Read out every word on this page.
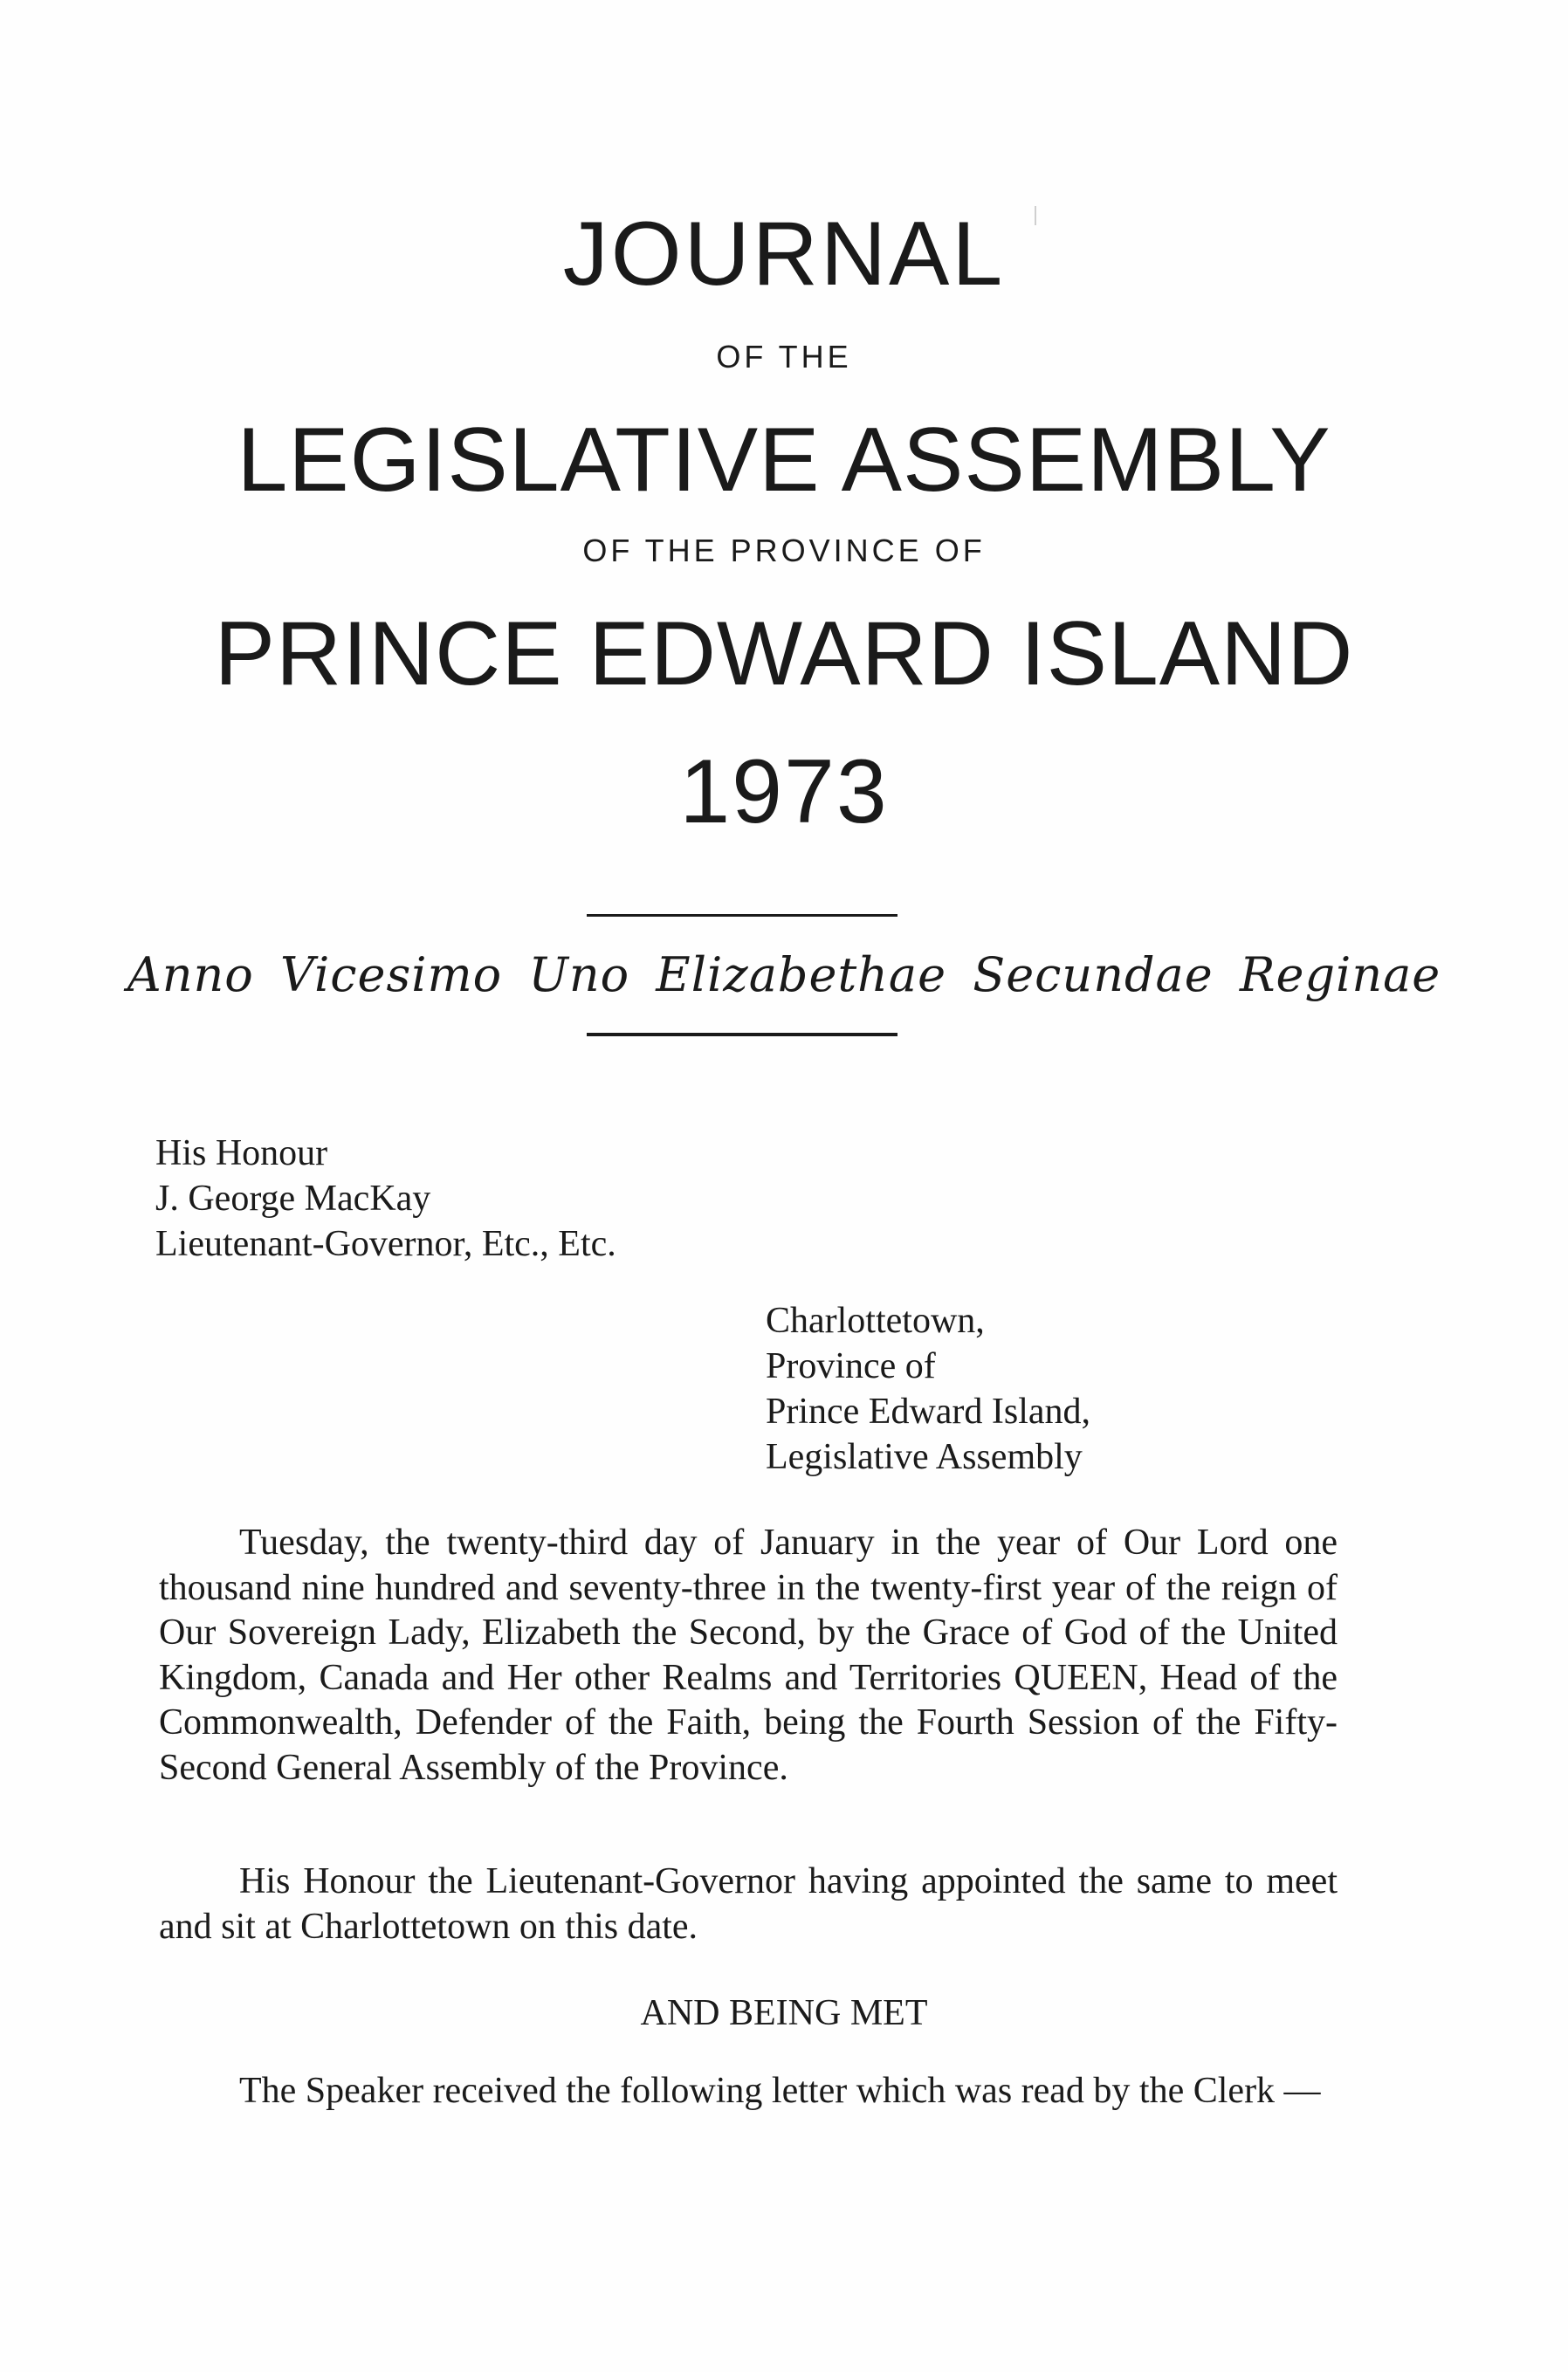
JOURNAL
OF THE
LEGISLATIVE ASSEMBLY
OF THE PROVINCE OF
PRINCE EDWARD ISLAND
1973
Anno Vicesimo Uno Elizabethae Secundae Reginae
His Honour
J. George MacKay
Lieutenant-Governor, Etc., Etc.
Charlottetown,
Province of
Prince Edward Island,
Legislative Assembly
Tuesday, the twenty-third day of January in the year of Our Lord one thousand nine hundred and seventy-three in the twenty-first year of the reign of Our Sovereign Lady, Elizabeth the Second, by the Grace of God of the United Kingdom, Canada and Her other Realms and Territories QUEEN, Head of the Commonwealth, Defender of the Faith, being the Fourth Session of the Fifty-Second General Assembly of the Province.
His Honour the Lieutenant-Governor having appointed the same to meet and sit at Charlottetown on this date.
AND BEING MET
The Speaker received the following letter which was read by the Clerk —
